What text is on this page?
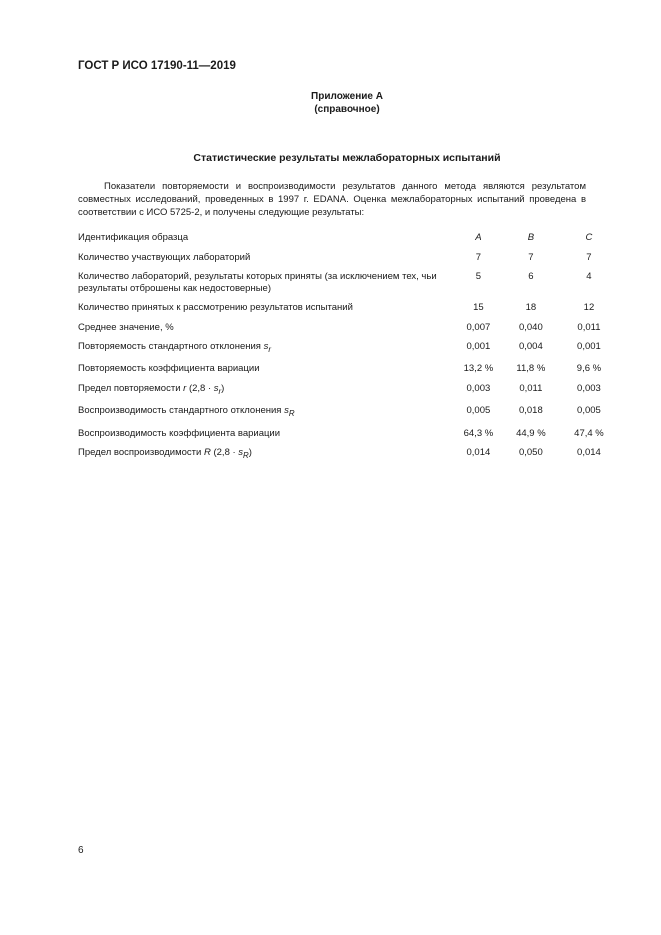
ГОСТ Р ИСО 17190-11—2019
Приложение А
(справочное)
Статистические результаты межлабораторных испытаний

Показатели повторяемости и воспроизводимости результатов данного метода являются результатом совместных исследований, проведенных в 1997 г. EDANA. Оценка межлабораторных испытаний проведена в соответствии с ИСО 5725-2, и получены следующие результаты:

Идентификация образца	A	B	C
Количество участвующих лабораторий	7	7	7
Количество лабораторий, результаты которых приняты (за исключением тех, чьи результаты отброшены как недостоверные)	5	6	4
Количество принятых к рассмотрению результатов испытаний	15	18	12
Среднее значение, %	0,007	0,040	0,011
Повторяемость стандартного отклонения $s_r$	0,001	0,004	0,001
Повторяемость коэффициента вариации	13,2 %	11,8 %	9,6 %
Предел повторяемости r $(2,8 \cdot s_r)$	0,003	0,011	0,003
Воспроизводимость стандартного отклонения $s_R$	0,005	0,018	0,005
Воспроизводимость коэффициента вариации	64,3 %	44,9 %	47,4 %
Предел воспроизводимости R $(2,8 \cdot s_R)$	0,014	0,050	0,014
6
